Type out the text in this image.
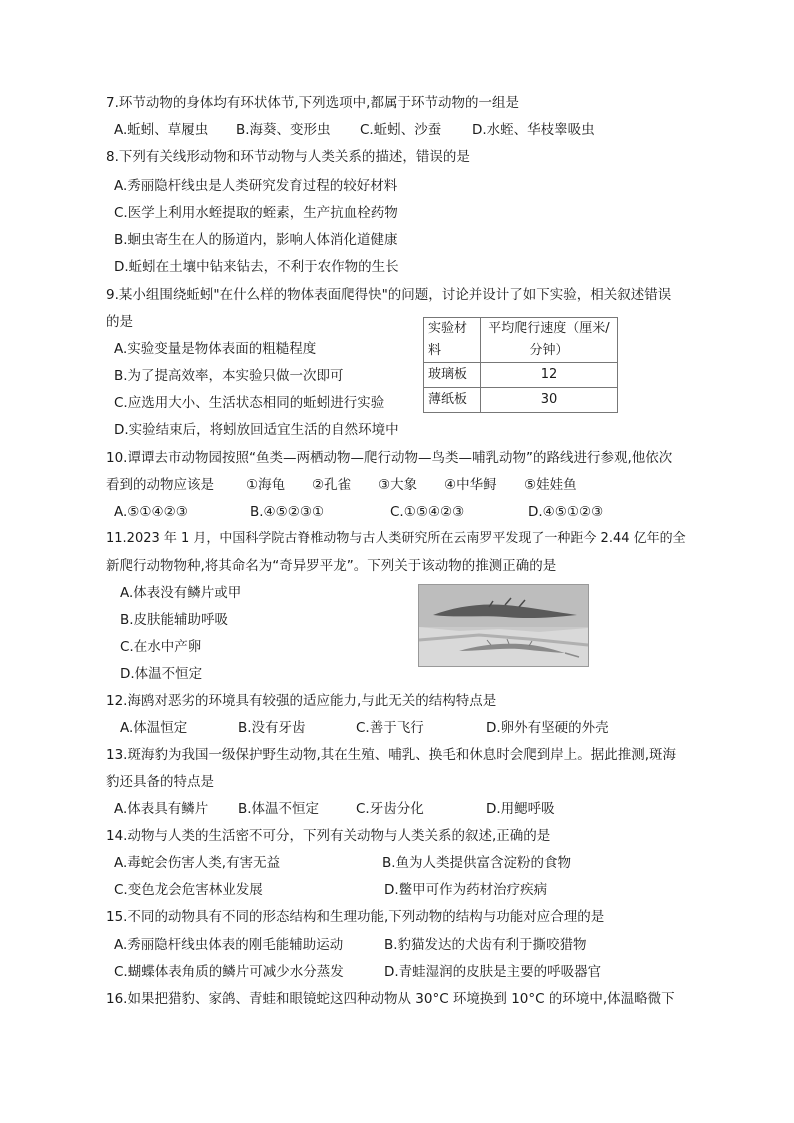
7.环节动物的身体均有环状体节,下列选项中,都属于环节动物的一组是
A.蚯蚓、草履虫	B.海葵、变形虫	C.蚯蚓、沙蚕	D.水蛭、华枝睾吸虫
8.下列有关线形动物和环节动物与人类关系的描述，错误的是
A.秀丽隐杆线虫是人类研究发育过程的较好材料
C.医学上利用水蛭提取的蛭素，生产抗血栓药物
B.蛔虫寄生在人的肠道内，影响人体消化道健康
D.蚯蚓在土壤中钻来钻去，不利于农作物的生长
9.某小组围绕蚯蚓"在什么样的物体表面爬得快"的问题，讨论并设计了如下实验，相关叙述错误
的是
A.实验变量是物体表面的粗糙程度
B.为了提高效率，本实验只做一次即可
C.应选用大小、生活状态相同的蚯蚓进行实验
D.实验结束后，将蚓放回适宜生活的自然环境中
实验材料	平均爬行速度（厘米/分钟）
玻璃板	12
薄纸板	30
10.谭谭去市动物园按照“鱼类—两栖动物—爬行动物—鸟类—哺乳动物”的路线进行参观,他依次
看到的动物应该是	①海龟	②孔雀	③大象	④中华鲟	⑤娃娃鱼
A.⑤①④②③	B.④⑤②③①	C.①⑤④②③	D.④⑤①②③
11.2023 年 1 月，中国科学院古脊椎动物与古人类研究所在云南罗平发现了一种距今 2.44 亿年的全
新爬行动物物种,将其命名为“奇异罗平龙”。下列关于该动物的推测正确的是
A.体表没有鳞片或甲
B.皮肤能辅助呼吸
C.在水中产卵
D.体温不恒定
12.海鸥对恶劣的环境具有较强的适应能力,与此无关的结构特点是
A.体温恒定	B.没有牙齿	C.善于飞行	D.卵外有坚硬的外壳
13.斑海豹为我国一级保护野生动物,其在生殖、哺乳、换毛和休息时会爬到岸上。据此推测,斑海
豹还具备的特点是
A.体表具有鳞片	B.体温不恒定	C.牙齿分化	D.用鳃呼吸
14.动物与人类的生活密不可分，下列有关动物与人类关系的叙述,正确的是
A.毒蛇会伤害人类,有害无益	B.鱼为人类提供富含淀粉的食物
C.变色龙会危害林业发展	D.鳖甲可作为药材治疗疾病
15.不同的动物具有不同的形态结构和生理功能,下列动物的结构与功能对应合理的是
A.秀丽隐杆线虫体表的刚毛能辅助运动	B.豹猫发达的犬齿有利于撕咬猎物
C.蝴蝶体表角质的鳞片可减少水分蒸发	D.青蛙湿润的皮肤是主要的呼吸器官
16.如果把猎豹、家鸽、青蛙和眼镜蛇这四种动物从 30°C 环境换到 10°C 的环境中,体温略微下
